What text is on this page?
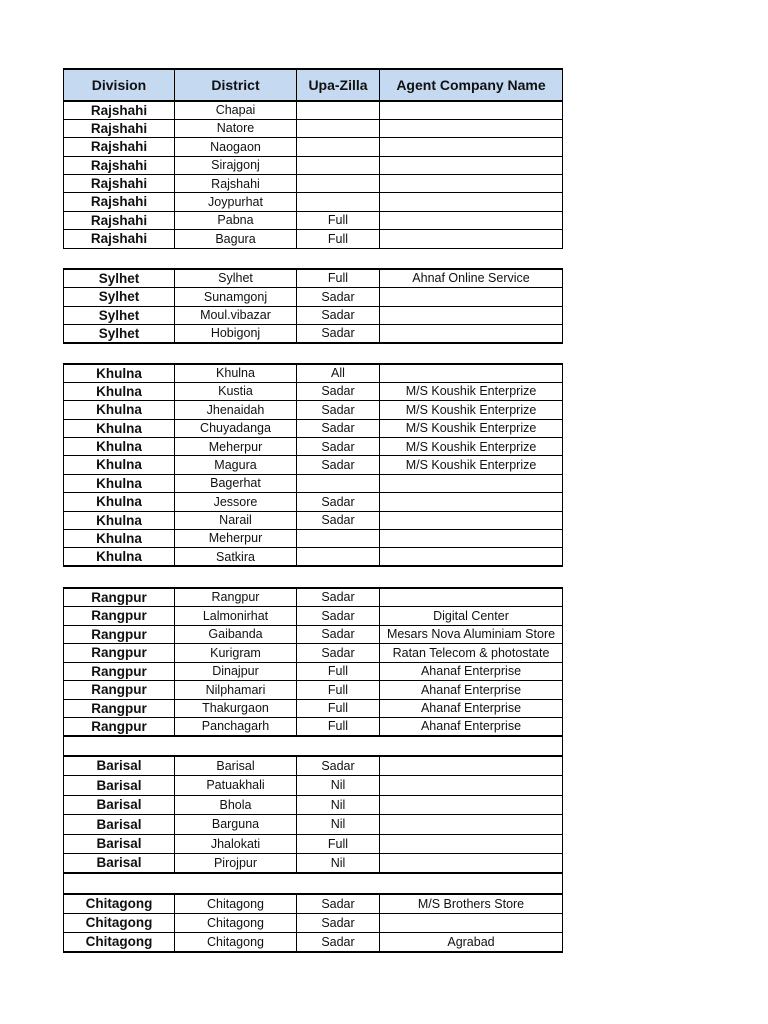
Division	District	Upa-Zilla	Agent Company Name
Rajshahi	Chapai		
Rajshahi	Natore		
Rajshahi	Naogaon		
Rajshahi	Sirajgonj		
Rajshahi	Rajshahi		
Rajshahi	Joypurhat		
Rajshahi	Pabna	Full	
Rajshahi	Bagura	Full	
Sylhet	Sylhet	Full	Ahnaf Online Service
Sylhet	Sunamgonj	Sadar	
Sylhet	Moul.vibazar	Sadar	
Sylhet	Hobigonj	Sadar	
Khulna	Khulna	All	
Khulna	Kustia	Sadar	M/S Koushik Enterprize
Khulna	Jhenaidah	Sadar	M/S Koushik Enterprize
Khulna	Chuyadanga	Sadar	M/S Koushik Enterprize
Khulna	Meherpur	Sadar	M/S Koushik Enterprize
Khulna	Magura	Sadar	M/S Koushik Enterprize
Khulna	Bagerhat		
Khulna	Jessore	Sadar	
Khulna	Narail	Sadar	
Khulna	Meherpur		
Khulna	Satkira		
Rangpur	Rangpur	Sadar	
Rangpur	Lalmonirhat	Sadar	Digital Center
Rangpur	Gaibanda	Sadar	Mesars Nova Aluminiam Store
Rangpur	Kurigram	Sadar	Ratan Telecom & photostate
Rangpur	Dinajpur	Full	Ahanaf Enterprise
Rangpur	Nilphamari	Full	Ahanaf Enterprise
Rangpur	Thakurgaon	Full	Ahanaf Enterprise
Rangpur	Panchagarh	Full	Ahanaf Enterprise
Barisal	Barisal	Sadar	
Barisal	Patuakhali	Nil	
Barisal	Bhola	Nil	
Barisal	Barguna	Nil	
Barisal	Jhalokati	Full	
Barisal	Pirojpur	Nil	
Chitagong	Chitagong	Sadar	M/S Brothers Store
Chitagong	Chitagong	Sadar	
Chitagong	Chitagong	Sadar	Agrabad
